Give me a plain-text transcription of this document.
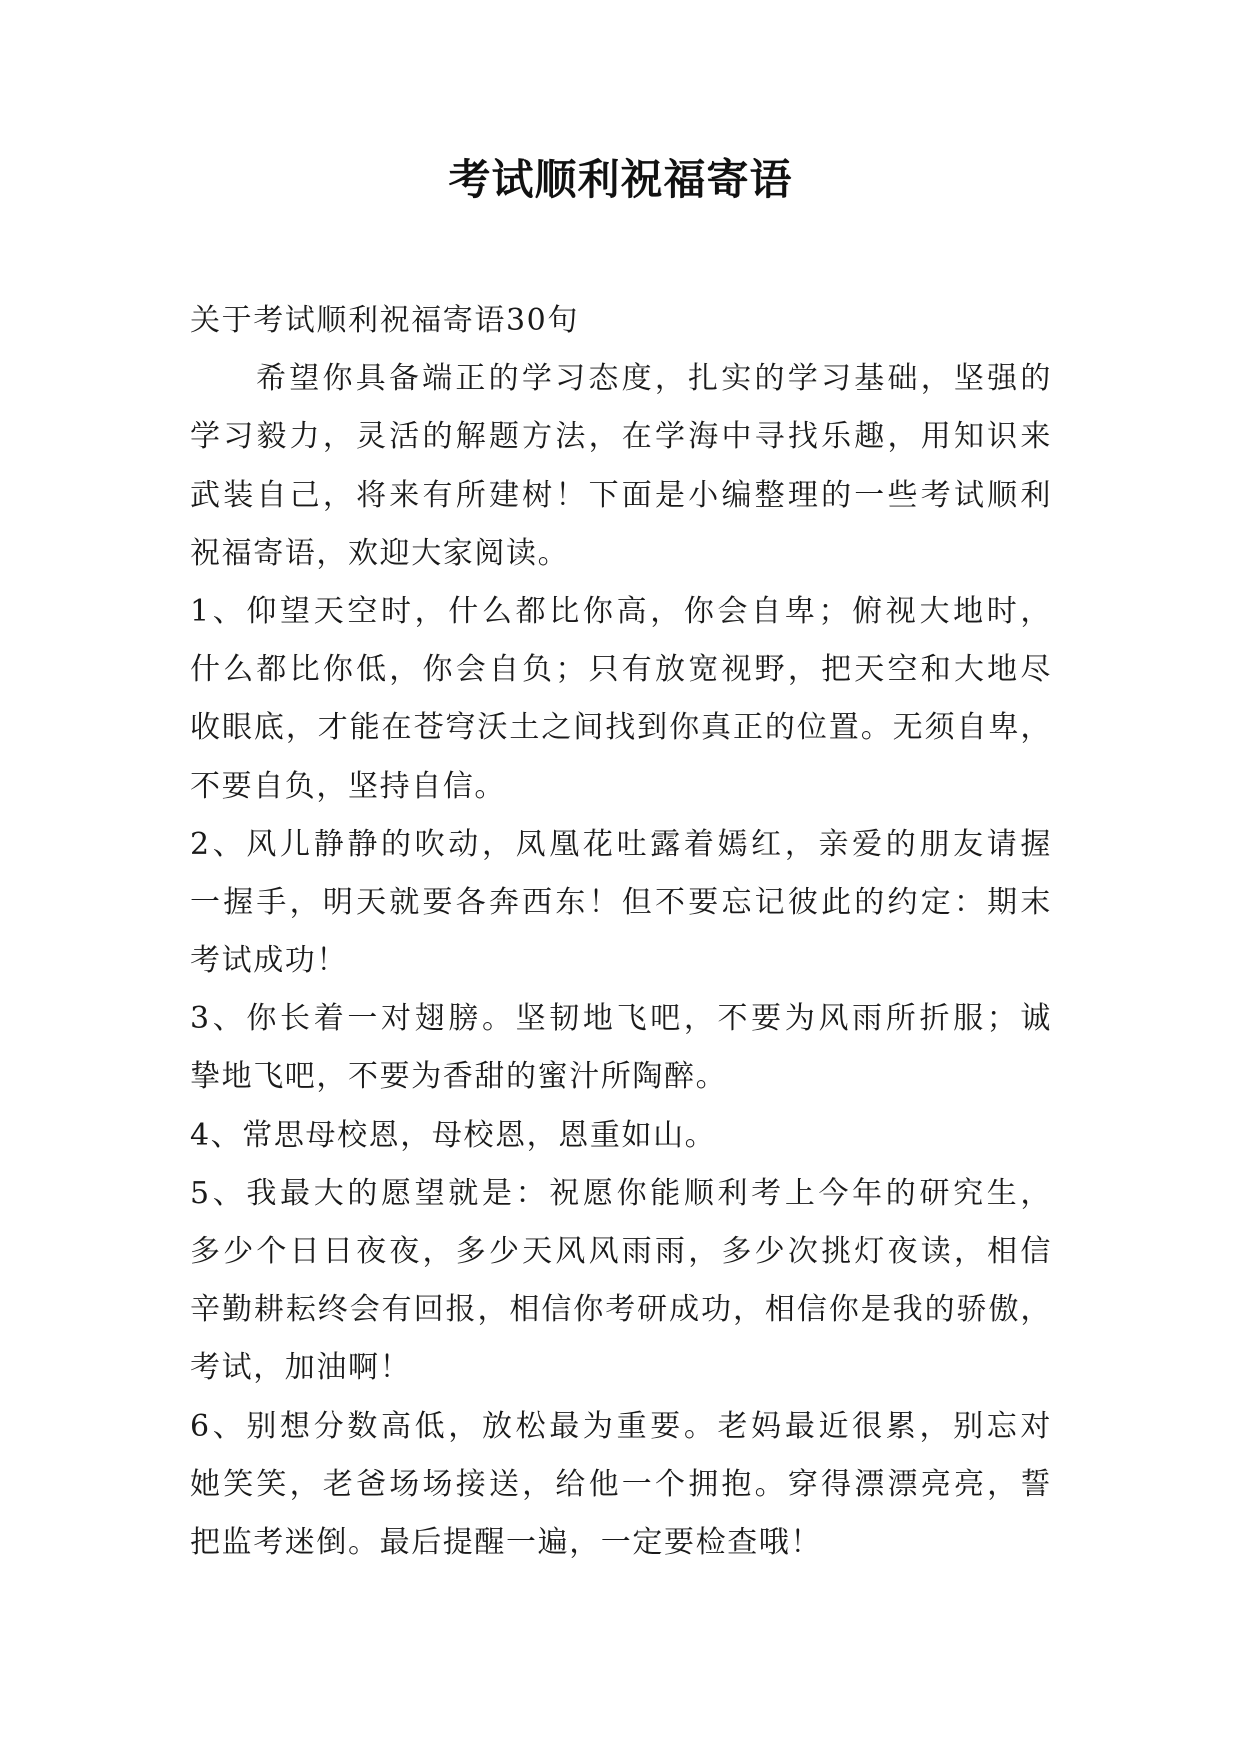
考试顺利祝福寄语
关于考试顺利祝福寄语30句
希望你具备端正的学习态度，扎实的学习基础，坚强的
学习毅力，灵活的解题方法，在学海中寻找乐趣，用知识来
武装自己，将来有所建树！下面是小编整理的一些考试顺利
祝福寄语，欢迎大家阅读。
1、仰望天空时，什么都比你高，你会自卑；俯视大地时，
什么都比你低，你会自负；只有放宽视野，把天空和大地尽
收眼底，才能在苍穹沃土之间找到你真正的位置。无须自卑，
不要自负，坚持自信。
2、风儿静静的吹动，凤凰花吐露着嫣红，亲爱的朋友请握
一握手，明天就要各奔西东！但不要忘记彼此的约定：期末
考试成功！
3、你长着一对翅膀。坚韧地飞吧，不要为风雨所折服；诚
挚地飞吧，不要为香甜的蜜汁所陶醉。
4、常思母校恩，母校恩，恩重如山。
5、我最大的愿望就是：祝愿你能顺利考上今年的研究生，
多少个日日夜夜，多少天风风雨雨，多少次挑灯夜读，相信
辛勤耕耘终会有回报，相信你考研成功，相信你是我的骄傲，
考试，加油啊！
6、别想分数高低，放松最为重要。老妈最近很累，别忘对
她笑笑，老爸场场接送，给他一个拥抱。穿得漂漂亮亮，誓
把监考迷倒。最后提醒一遍，一定要检查哦！
